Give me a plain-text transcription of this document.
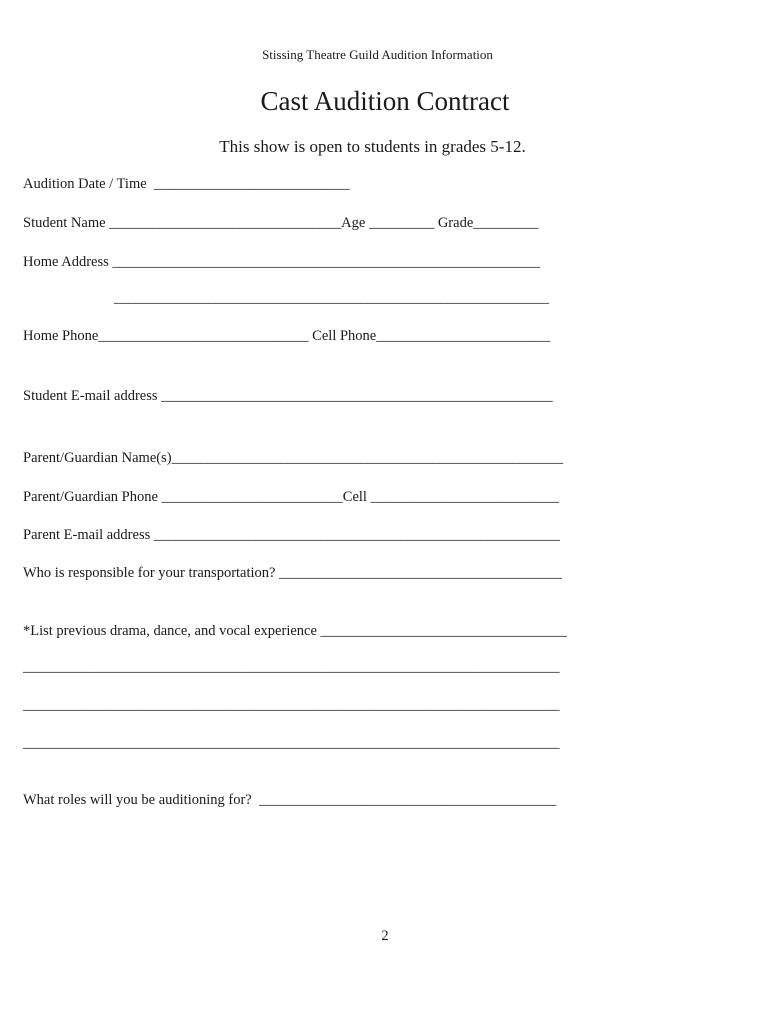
Stissing Theatre Guild Audition Information
Cast Audition Contract
This show is open to students in grades 5-12.
Audition Date / Time  ___________________________
Student Name ________________________________Age _________ Grade_________
Home Address ___________________________________________________________
____________________________________________________________
Home Phone_____________________________ Cell Phone________________________
Student E-mail address ______________________________________________________
Parent/Guardian Name(s)______________________________________________________
Parent/Guardian Phone _________________________Cell __________________________
Parent E-mail address ________________________________________________________
Who is responsible for your transportation? _______________________________________
*List previous drama, dance, and vocal experience __________________________________
__________________________________________________________________________
__________________________________________________________________________
__________________________________________________________________________
What roles will you be auditioning for?  _________________________________________
2
